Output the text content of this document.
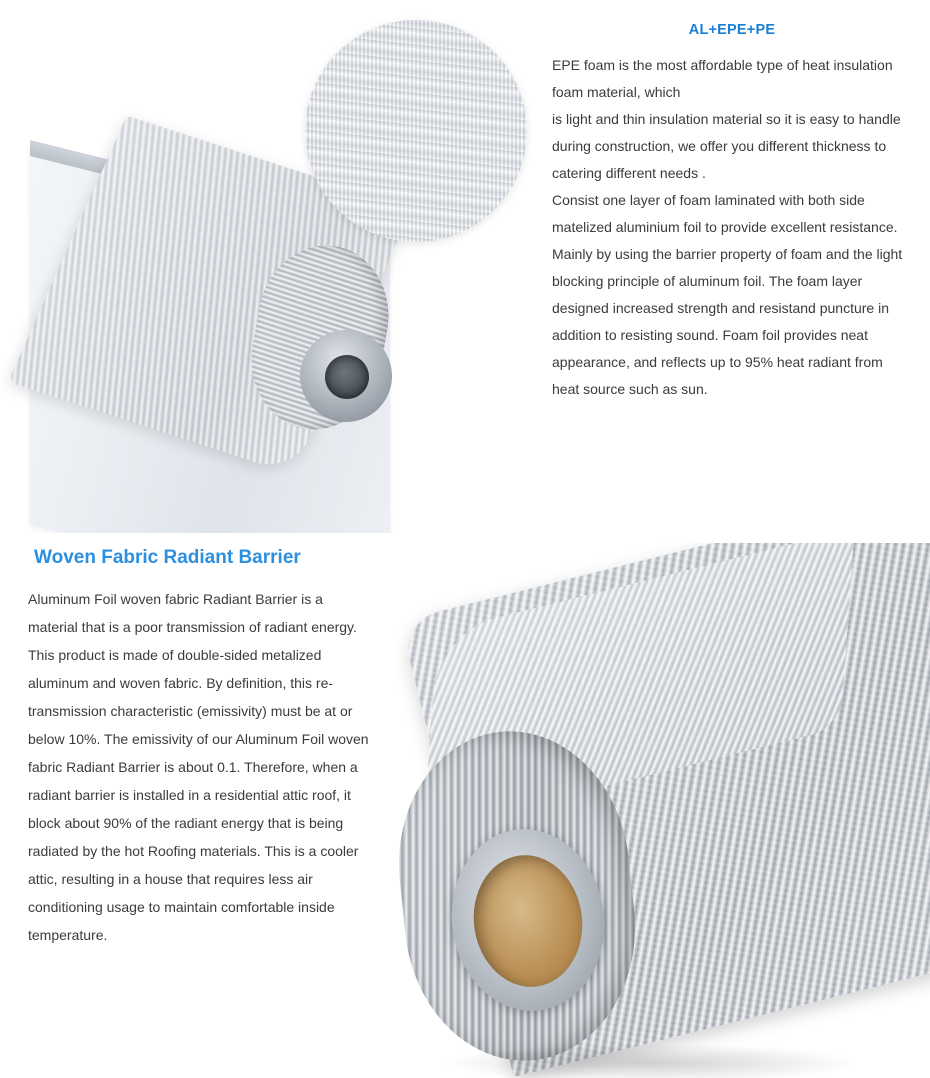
AL+EPE+PE

EPE foam is the most affordable type of heat insulation foam material, which

is light and thin insulation material so it is easy to handle during construction, we offer you different thickness to catering different needs .

Consist one layer of foam laminated with both side matelized aluminium foil to provide excellent resistance. Mainly by using the barrier property of foam and the light blocking principle of aluminum foil. The foam layer designed increased strength and resistand puncture in addition to resisting sound. Foam foil provides neat appearance, and reflects up to 95% heat radiant from heat source such as sun.

Woven Fabric Radiant Barrier

Aluminum Foil woven fabric Radiant Barrier is a material that is a poor transmission of radiant energy. This product is made of double-sided metalized aluminum and woven fabric. By definition, this re-transmission characteristic (emissivity) must be at or below 10%. The emissivity of our Aluminum Foil woven fabric Radiant Barrier is about 0.1. Therefore, when a radiant barrier is installed in a residential attic roof, it block about 90% of the radiant energy that is being radiated by the hot Roofing materials. This is a cooler attic, resulting in a house that requires less air conditioning usage to maintain comfortable inside temperature.
